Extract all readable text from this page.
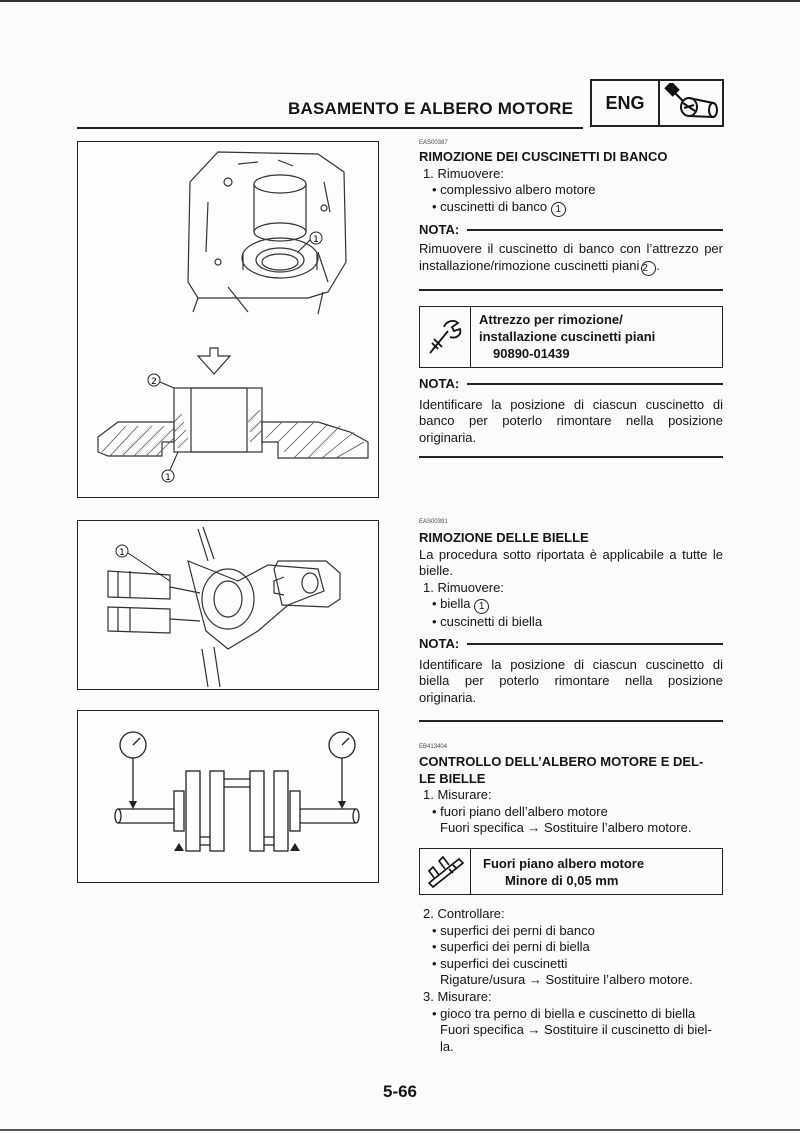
BASAMENTO E ALBERO MOTORE	ENG
1
2
1
1
EAS00387
RIMOZIONE DEI CUSCINETTI DI BANCO
1. Rimuovere:
• complessivo albero motore
• cuscinetti di banco 1
NOTA:
Rimuovere il cuscinetto di banco con l’attrezzo per installazione/rimozione cuscinetti piani 2 .
Attrezzo per rimozione/
installazione cuscinetti piani
90890-01439
NOTA:
Identificare la posizione di ciascun cuscinetto di banco per poterlo rimontare nella posizione originaria.
EAS00391
RIMOZIONE DELLE BIELLE
La procedura sotto riportata è applicabile a tutte le bielle.
1. Rimuovere:
• biella 1
• cuscinetti di biella
NOTA:
Identificare la posizione di ciascun cuscinetto di biella per poterlo rimontare nella posizione originaria.
EB413404
CONTROLLO DELL’ALBERO MOTORE E DEL-
LE BIELLE
1. Misurare:
• fuori piano dell’albero motore
Fuori specifica → Sostituire l’albero motore.
Fuori piano albero motore
Minore di 0,05 mm
2. Controllare:
• superfici dei perni di banco
• superfici dei perni di biella
• superfici dei cuscinetti
Rigature/usura → Sostituire l’albero motore.
3. Misurare:
• gioco tra perno di biella e cuscinetto di biella
Fuori specifica → Sostituire il cuscinetto di biel-
la.
5-66
